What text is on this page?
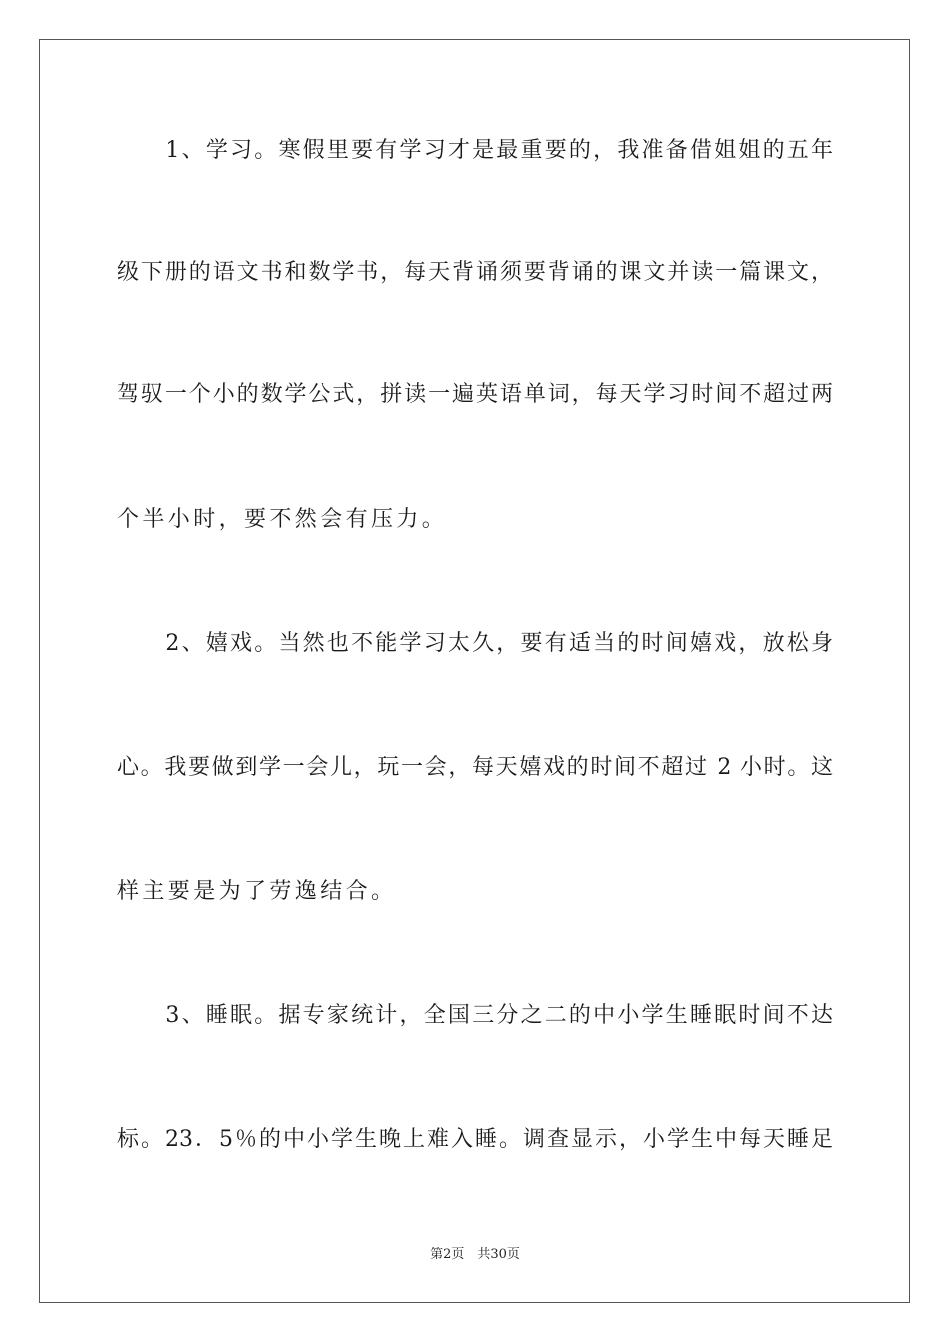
　　1、学习。寒假里要有学习才是最重要的，我准备借姐姐的五年
级下册的语文书和数学书，每天背诵须要背诵的课文并读一篇课文，
驾驭一个小的数学公式，拼读一遍英语单词，每天学习时间不超过两
个半小时，要不然会有压力。
　　2、嬉戏。当然也不能学习太久，要有适当的时间嬉戏，放松身
心。我要做到学一会儿，玩一会，每天嬉戏的时间不超过 2 小时。这
样主要是为了劳逸结合。
　　3、睡眠。据专家统计，全国三分之二的中小学生睡眠时间不达
标。23．5％的中小学生晚上难入睡。调查显示，小学生中每天睡足
第2页　共30页
